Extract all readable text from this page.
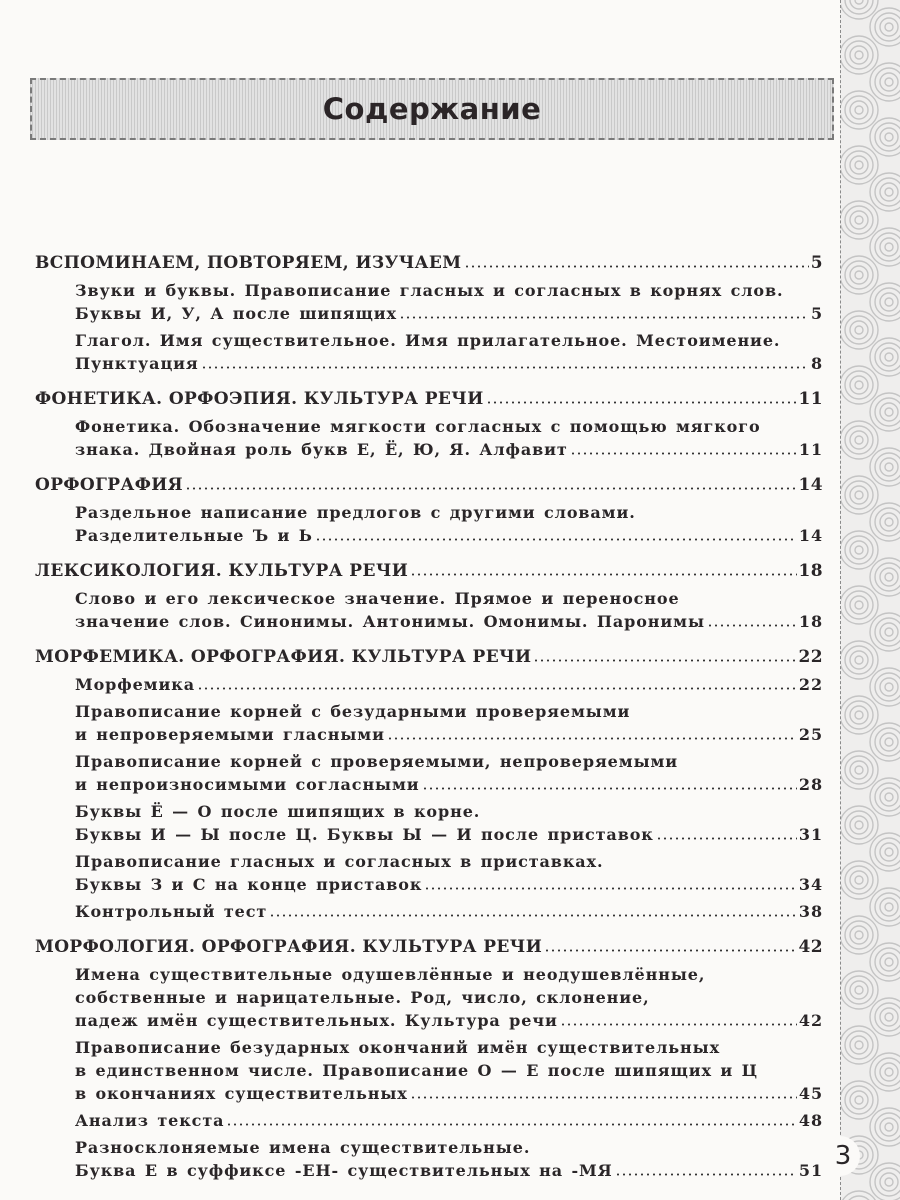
Содержание
ВСПОМИНАЕМ, ПОВТОРЯЕМ, ИЗУЧАЕМ	5
Звуки и буквы. Правописание гласных и согласных в корнях слов.
Буквы И, У, А после шипящих	5
Глагол. Имя существительное. Имя прилагательное. Местоимение.
Пунктуация	8
ФОНЕТИКА. ОРФОЭПИЯ. КУЛЬТУРА РЕЧИ	11
Фонетика. Обозначение мягкости согласных с помощью мягкого
знака. Двойная роль букв Е, Ё, Ю, Я. Алфавит	11
ОРФОГРАФИЯ	14
Раздельное написание предлогов с другими словами.
Разделительные Ъ и Ь	14
ЛЕКСИКОЛОГИЯ. КУЛЬТУРА РЕЧИ	18
Слово и его лексическое значение. Прямое и переносное
значение слов. Синонимы. Антонимы. Омонимы. Паронимы	18
МОРФЕМИКА. ОРФОГРАФИЯ. КУЛЬТУРА РЕЧИ	22
Морфемика	22
Правописание корней с безударными проверяемыми
и непроверяемыми гласными	25
Правописание корней с проверяемыми, непроверяемыми
и непроизносимыми согласными	28
Буквы Ё — О после шипящих в корне.
Буквы И — Ы после Ц. Буквы Ы — И после приставок	31
Правописание гласных и согласных в приставках.
Буквы З и С на конце приставок	34
Контрольный тест	38
МОРФОЛОГИЯ. ОРФОГРАФИЯ. КУЛЬТУРА РЕЧИ	42
Имена существительные одушевлённые и неодушевлённые,
собственные и нарицательные. Род, число, склонение,
падеж имён существительных. Культура речи	42
Правописание безударных окончаний имён существительных
в единственном числе. Правописание О — Е после шипящих и Ц
в окончаниях существительных	45
Анализ текста	48
Разносклоняемые имена существительные.
Буква Е в суффиксе -ЕН- существительных на -МЯ	51 3
